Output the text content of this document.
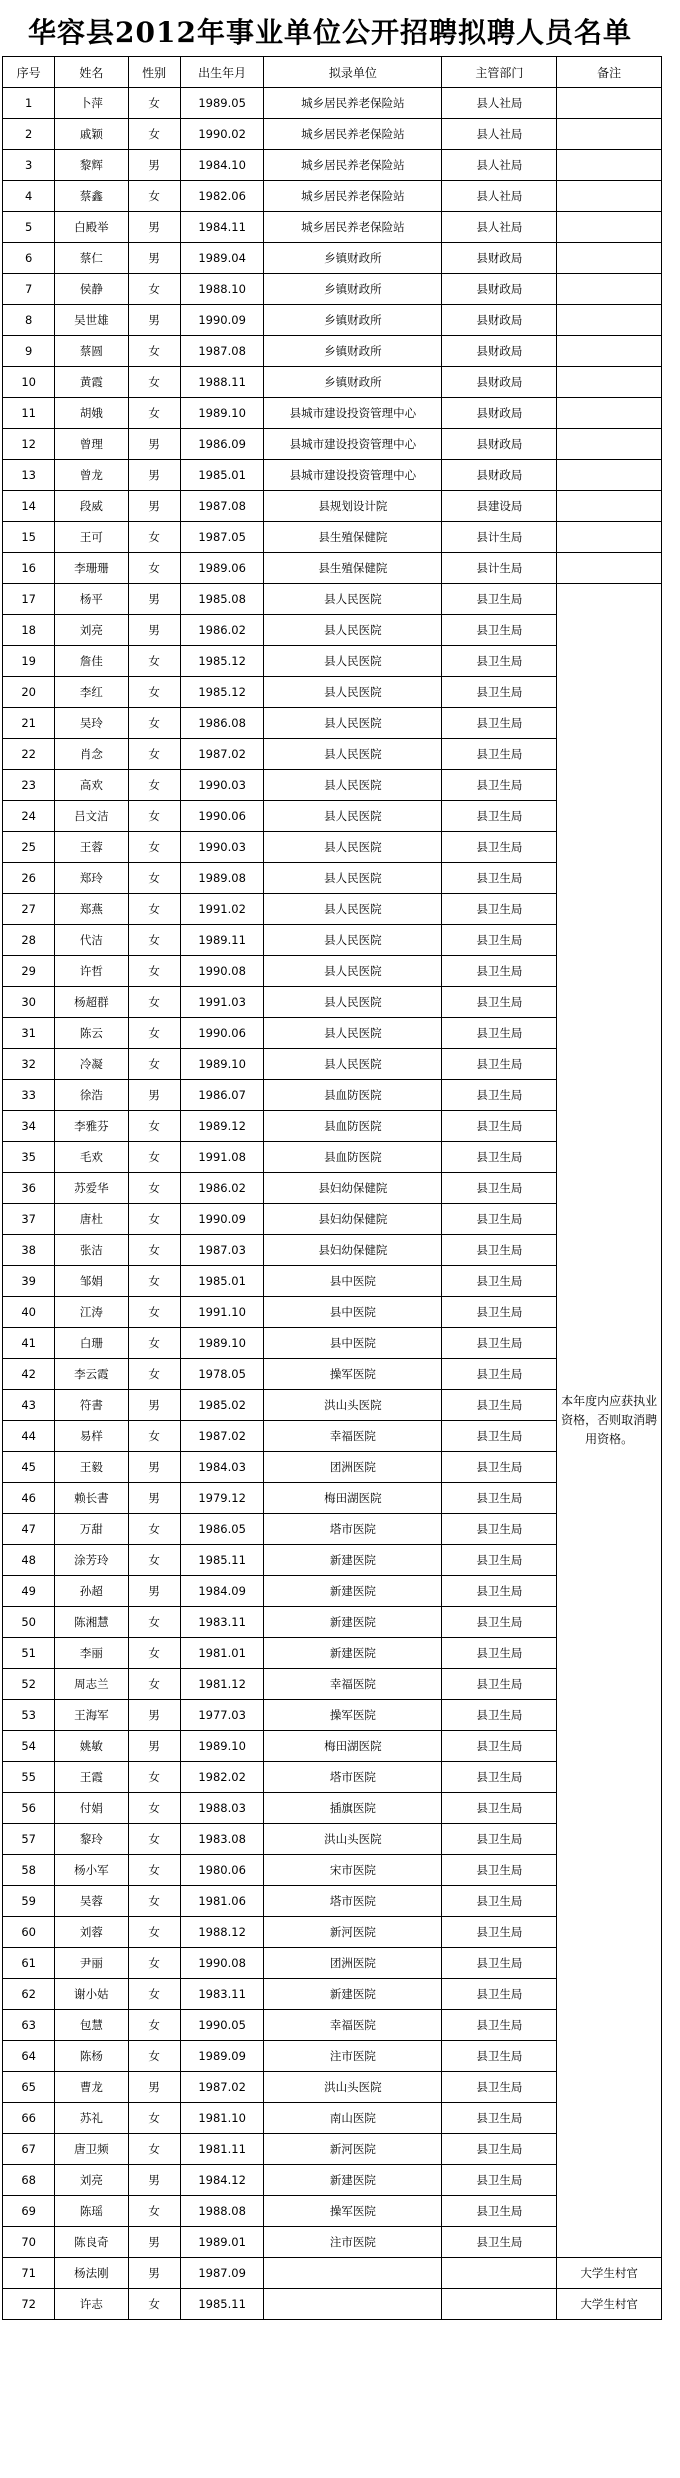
华容县2012年事业单位公开招聘拟聘人员名单
序号	姓名	性别	出生年月	拟录单位	主管部门	备注
1	卜萍	女	1989.05	城乡居民养老保险站	县人社局	
2	戚颖	女	1990.02	城乡居民养老保险站	县人社局	
3	黎辉	男	1984.10	城乡居民养老保险站	县人社局	
4	蔡鑫	女	1982.06	城乡居民养老保险站	县人社局	
5	白殿举	男	1984.11	城乡居民养老保险站	县人社局	
6	蔡仁	男	1989.04	乡镇财政所	县财政局	
7	侯静	女	1988.10	乡镇财政所	县财政局	
8	吴世雄	男	1990.09	乡镇财政所	县财政局	
9	蔡圆	女	1987.08	乡镇财政所	县财政局	
10	黄霞	女	1988.11	乡镇财政所	县财政局	
11	胡娥	女	1989.10	县城市建设投资管理中心	县财政局	
12	曾理	男	1986.09	县城市建设投资管理中心	县财政局	
13	曾龙	男	1985.01	县城市建设投资管理中心	县财政局	
14	段威	男	1987.08	县规划设计院	县建设局	
15	王可	女	1987.05	县生殖保健院	县计生局	
16	李珊珊	女	1989.06	县生殖保健院	县计生局	
17	杨平	男	1985.08	县人民医院	县卫生局	本年度内应获执业资格，否则取消聘用资格。
18	刘亮	男	1986.02	县人民医院	县卫生局	
19	詹佳	女	1985.12	县人民医院	县卫生局	
20	李红	女	1985.12	县人民医院	县卫生局	
21	吴玲	女	1986.08	县人民医院	县卫生局	
22	肖念	女	1987.02	县人民医院	县卫生局	
23	高欢	女	1990.03	县人民医院	县卫生局	
24	吕文洁	女	1990.06	县人民医院	县卫生局	
25	王蓉	女	1990.03	县人民医院	县卫生局	
26	郑玲	女	1989.08	县人民医院	县卫生局	
27	郑燕	女	1991.02	县人民医院	县卫生局	
28	代洁	女	1989.11	县人民医院	县卫生局	
29	许哲	女	1990.08	县人民医院	县卫生局	
30	杨超群	女	1991.03	县人民医院	县卫生局	
31	陈云	女	1990.06	县人民医院	县卫生局	
32	冷凝	女	1989.10	县人民医院	县卫生局	
33	徐浩	男	1986.07	县血防医院	县卫生局	
34	李雅芬	女	1989.12	县血防医院	县卫生局	
35	毛欢	女	1991.08	县血防医院	县卫生局	
36	苏爱华	女	1986.02	县妇幼保健院	县卫生局	
37	唐杜	女	1990.09	县妇幼保健院	县卫生局	
38	张洁	女	1987.03	县妇幼保健院	县卫生局	
39	邹娟	女	1985.01	县中医院	县卫生局	
40	江涛	女	1991.10	县中医院	县卫生局	
41	白珊	女	1989.10	县中医院	县卫生局	
42	李云霞	女	1978.05	操军医院	县卫生局	
43	符書	男	1985.02	洪山头医院	县卫生局	
44	易样	女	1987.02	幸福医院	县卫生局	
45	王毅	男	1984.03	团洲医院	县卫生局	
46	赖长書	男	1979.12	梅田湖医院	县卫生局	
47	万甜	女	1986.05	塔市医院	县卫生局	
48	涂芳玲	女	1985.11	新建医院	县卫生局	
49	孙超	男	1984.09	新建医院	县卫生局	
50	陈湘慧	女	1983.11	新建医院	县卫生局	
51	李丽	女	1981.01	新建医院	县卫生局	
52	周志兰	女	1981.12	幸福医院	县卫生局	
53	王海军	男	1977.03	操军医院	县卫生局	
54	姚敏	男	1989.10	梅田湖医院	县卫生局	
55	王霞	女	1982.02	塔市医院	县卫生局	
56	付娟	女	1988.03	插旗医院	县卫生局	
57	黎玲	女	1983.08	洪山头医院	县卫生局	
58	杨小军	女	1980.06	宋市医院	县卫生局	
59	吴蓉	女	1981.06	塔市医院	县卫生局	
60	刘蓉	女	1988.12	新河医院	县卫生局	
61	尹丽	女	1990.08	团洲医院	县卫生局	
62	谢小姑	女	1983.11	新建医院	县卫生局	
63	包慧	女	1990.05	幸福医院	县卫生局	
64	陈杨	女	1989.09	注市医院	县卫生局	
65	曹龙	男	1987.02	洪山头医院	县卫生局	
66	苏礼	女	1981.10	南山医院	县卫生局	
67	唐卫频	女	1981.11	新河医院	县卫生局	
68	刘亮	男	1984.12	新建医院	县卫生局	
69	陈瑶	女	1988.08	操军医院	县卫生局	
70	陈良奇	男	1989.01	注市医院	县卫生局	
71	杨法刚	男	1987.09			大学生村官
72	许志	女	1985.11			大学生村官
